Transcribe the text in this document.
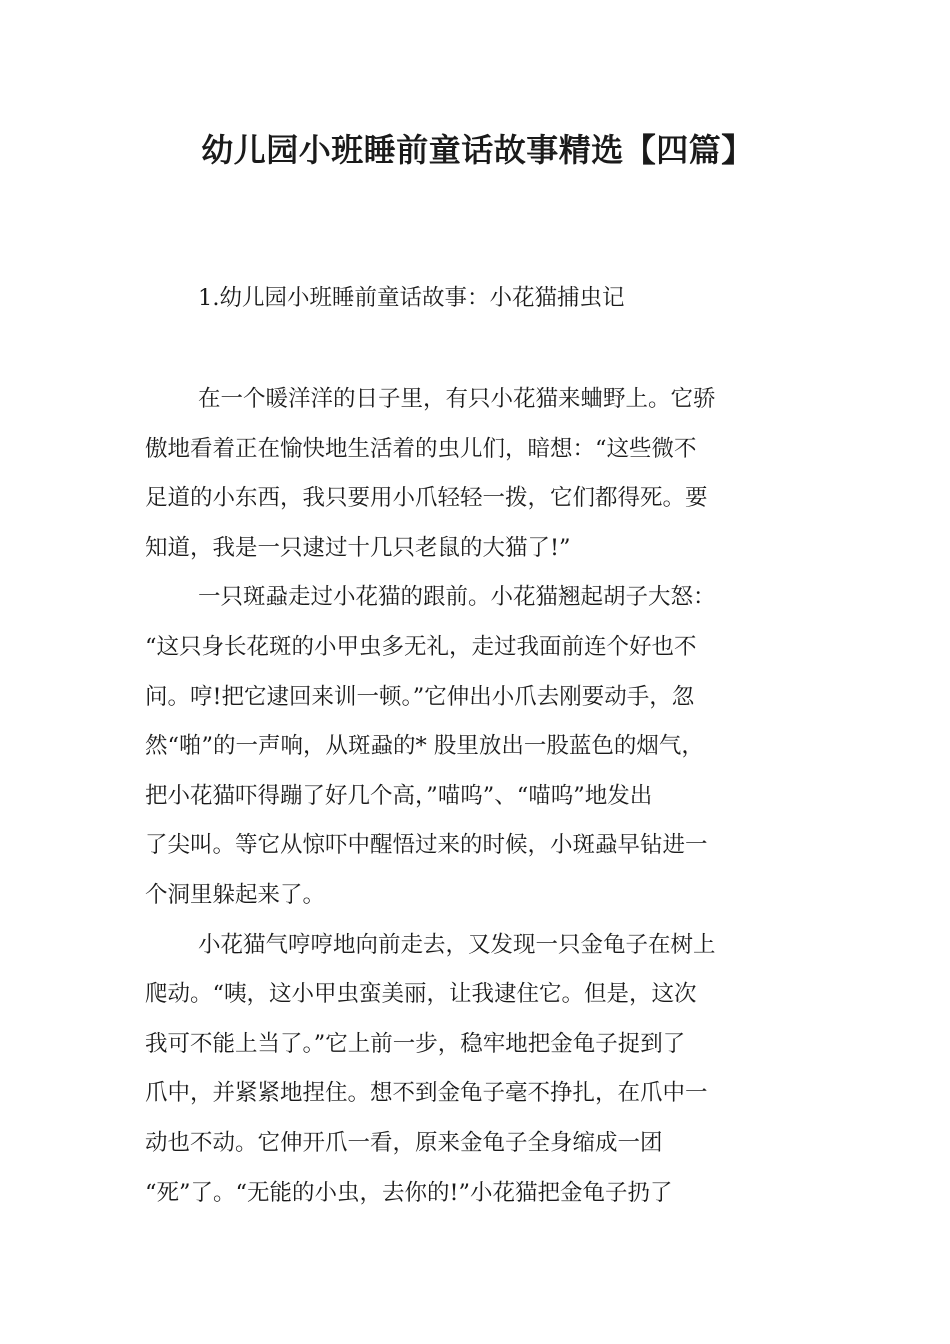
幼儿园小班睡前童话故事精选【四篇】

1.幼儿园小班睡前童话故事：小花猫捕虫记

在一个暖洋洋的日子里，有只小花猫来蛐野上。它骄
傲地看着正在愉快地生活着的虫儿们，暗想：“这些微不
足道的小东西，我只要用小爪轻轻一拨，它们都得死。要
知道，我是一只逮过十几只老鼠的大猫了!”

一只斑蝨走过小花猫的跟前。小花猫翘起胡子大怒：
“这只身长花斑的小甲虫多无礼，走过我面前连个好也不
问。哼!把它逮回来训一顿。”它伸出小爪去刚要动手，忽
然“啪”的一声响，从斑蝨的* 股里放出一股蓝色的烟气，
把小花猫吓得蹦了好几个高，”喵呜”、“喵呜”地发出
了尖叫。等它从惊吓中醒悟过来的时候，小斑蝨早钻进一
个洞里躲起来了。

小花猫气哼哼地向前走去，又发现一只金龟子在树上
爬动。“咦，这小甲虫蛮美丽，让我逮住它。但是，这次
我可不能上当了。”它上前一步，稳牢地把金龟子捉到了
爪中，并紧紧地捏住。想不到金龟子毫不挣扎，在爪中一
动也不动。它伸开爪一看，原来金龟子全身缩成一团
“死”了。“无能的小虫，去你的!”小花猫把金龟子扔了
